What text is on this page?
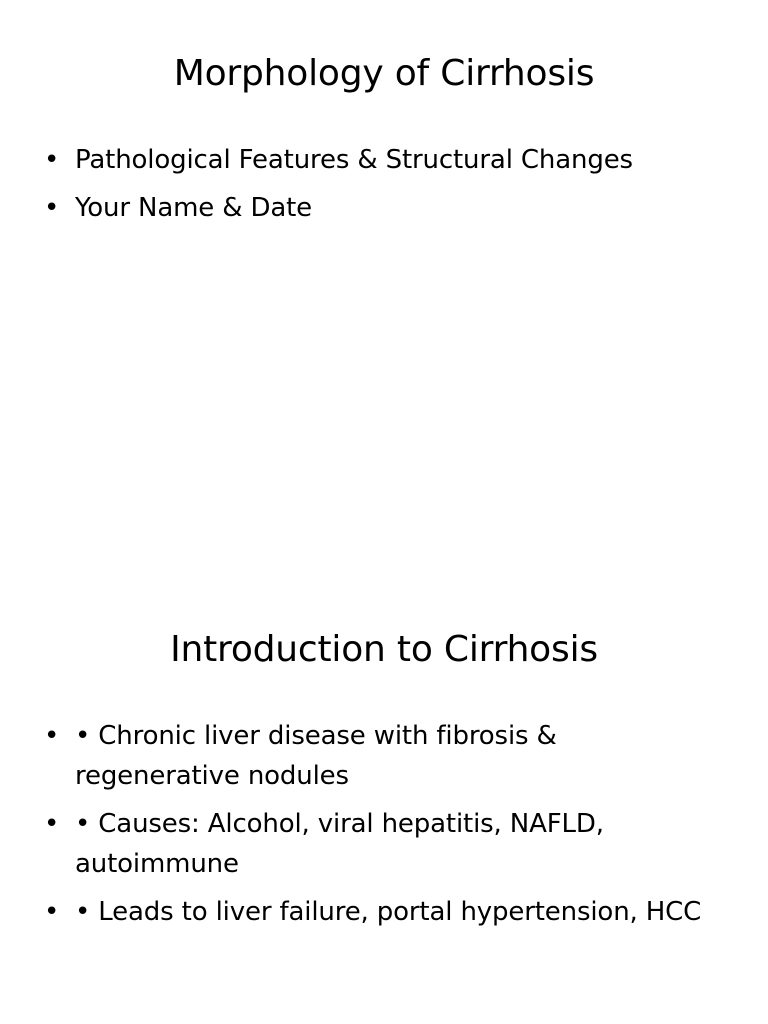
Morphology of Cirrhosis
• Pathological Features & Structural Changes
• Your Name & Date
Introduction to Cirrhosis
• • Chronic liver disease with fibrosis & regenerative nodules
• • Causes: Alcohol, viral hepatitis, NAFLD, autoimmune
• • Leads to liver failure, portal hypertension, HCC
